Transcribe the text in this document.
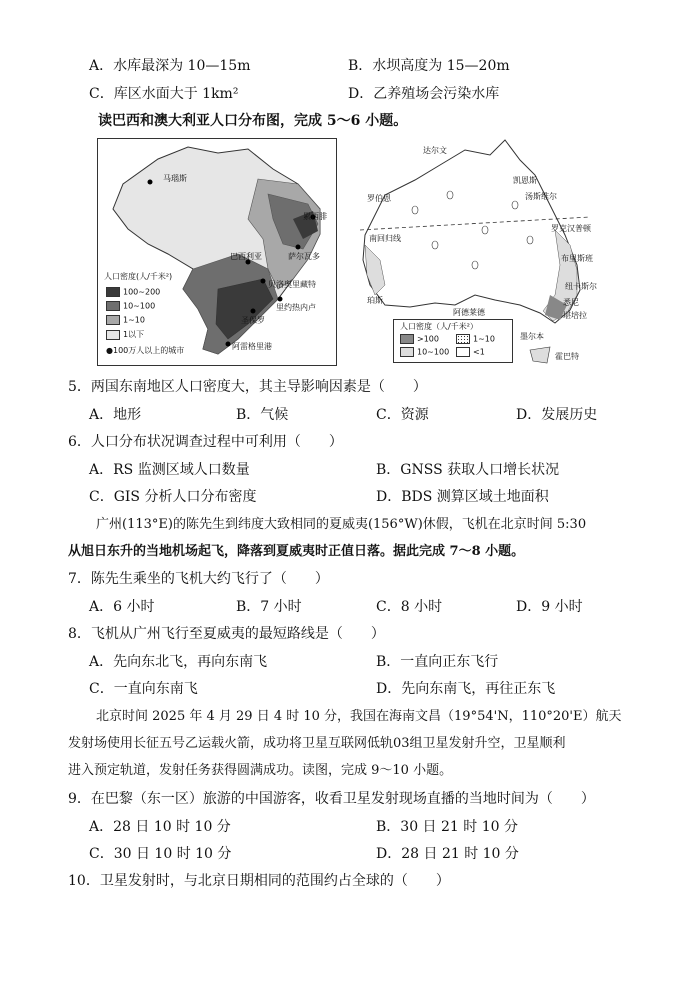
A．水库最深为 10—15m	B．水坝高度为 15—20m
C．库区水面大于 1km²	D．乙养殖场会污染水库
读巴西和澳大利亚人口分布图，完成 5～6 小题。
马瑙斯
累西腓
萨尔瓦多
巴西利亚
贝洛奥里藏特
里约热内卢
圣保罗
阿雷格里港
人口密度(人/千米²)
100~200
10~100
1~10
1以下
●100万人以上的城市
达尔文
凯恩斯
汤斯维尔
罗克汉普顿
布里斯班
纽卡斯尔
悉尼
堪培拉
墨尔本
霍巴特
阿德莱德
珀斯
罗伯恩
南回归线
人口密度（人/千米²）
>100	1~10
10~100	<1
5．两国东南地区人口密度大，其主导影响因素是（　　）
A．地形	B．气候	C．资源	D．发展历史
6．人口分布状况调查过程中可利用（　　）
A．RS 监测区域人口数量	B．GNSS 获取人口增长状况
C．GIS 分析人口分布密度	D．BDS 测算区域土地面积
广州(113°E)的陈先生到纬度大致相同的夏威夷(156°W)休假，飞机在北京时间 5:30
从旭日东升的当地机场起飞，降落到夏威夷时正值日落。据此完成 7～8 小题。
7．陈先生乘坐的飞机大约飞行了（　　）
A．6 小时	B．7 小时	C．8 小时	D．9 小时
8．飞机从广州飞行至夏威夷的最短路线是（　　）
A．先向东北飞，再向东南飞	B．一直向正东飞行
C．一直向东南飞	D．先向东南飞，再往正东飞
北京时间 2025 年 4 月 29 日 4 时 10 分，我国在海南文昌（19°54'N，110°20'E）航天
发射场使用长征五号乙运载火箭，成功将卫星互联网低轨03组卫星发射升空，卫星顺利
进入预定轨道，发射任务获得圆满成功。读图，完成 9～10 小题。
9．在巴黎（东一区）旅游的中国游客，收看卫星发射现场直播的当地时间为（　　）
A．28 日 10 时 10 分	B．30 日 21 时 10 分
C．30 日 10 时 10 分	D．28 日 21 时 10 分
10．卫星发射时，与北京日期相同的范围约占全球的（　　）
